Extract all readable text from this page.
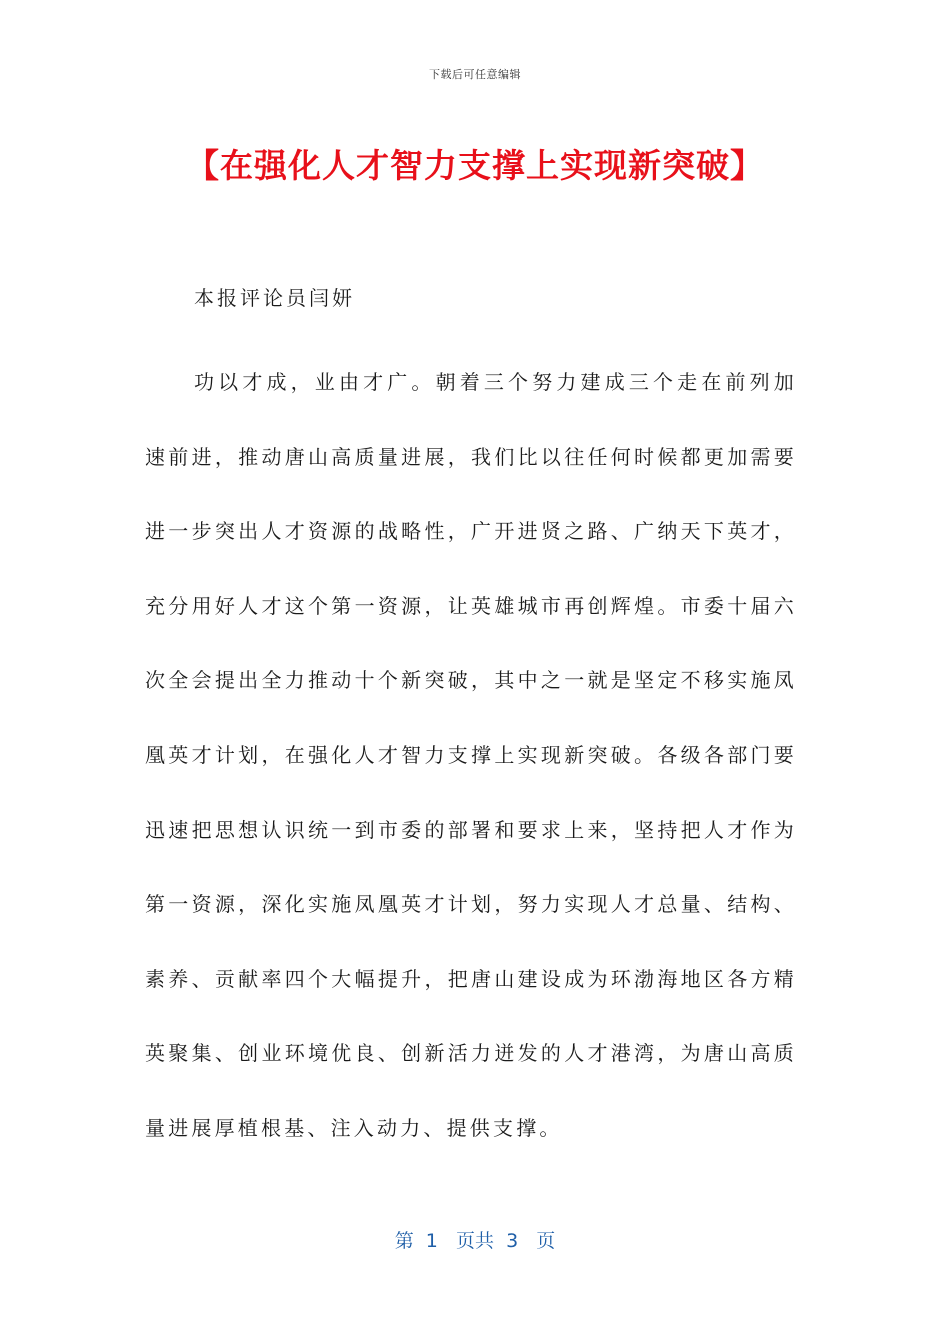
下载后可任意编辑
【在强化人才智力支撑上实现新突破】
本报评论员闫妍

功以才成，业由才广。朝着三个努力建成三个走在前列加速前进，推动唐山高质量进展，我们比以往任何时候都更加需要进一步突出人才资源的战略性，广开进贤之路、广纳天下英才，充分用好人才这个第一资源，让英雄城市再创辉煌。市委十届六次全会提出全力推动十个新突破，其中之一就是坚定不移实施凤凰英才计划，在强化人才智力支撑上实现新突破。各级各部门要迅速把思想认识统一到市委的部署和要求上来，坚持把人才作为第一资源，深化实施凤凰英才计划，努力实现人才总量、结构、素养、贡献率四个大幅提升，把唐山建设成为环渤海地区各方精英聚集、创业环境优良、创新活力迸发的人才港湾，为唐山高质量进展厚植根基、注入动力、提供支撑。

第  1   页共  3   页
